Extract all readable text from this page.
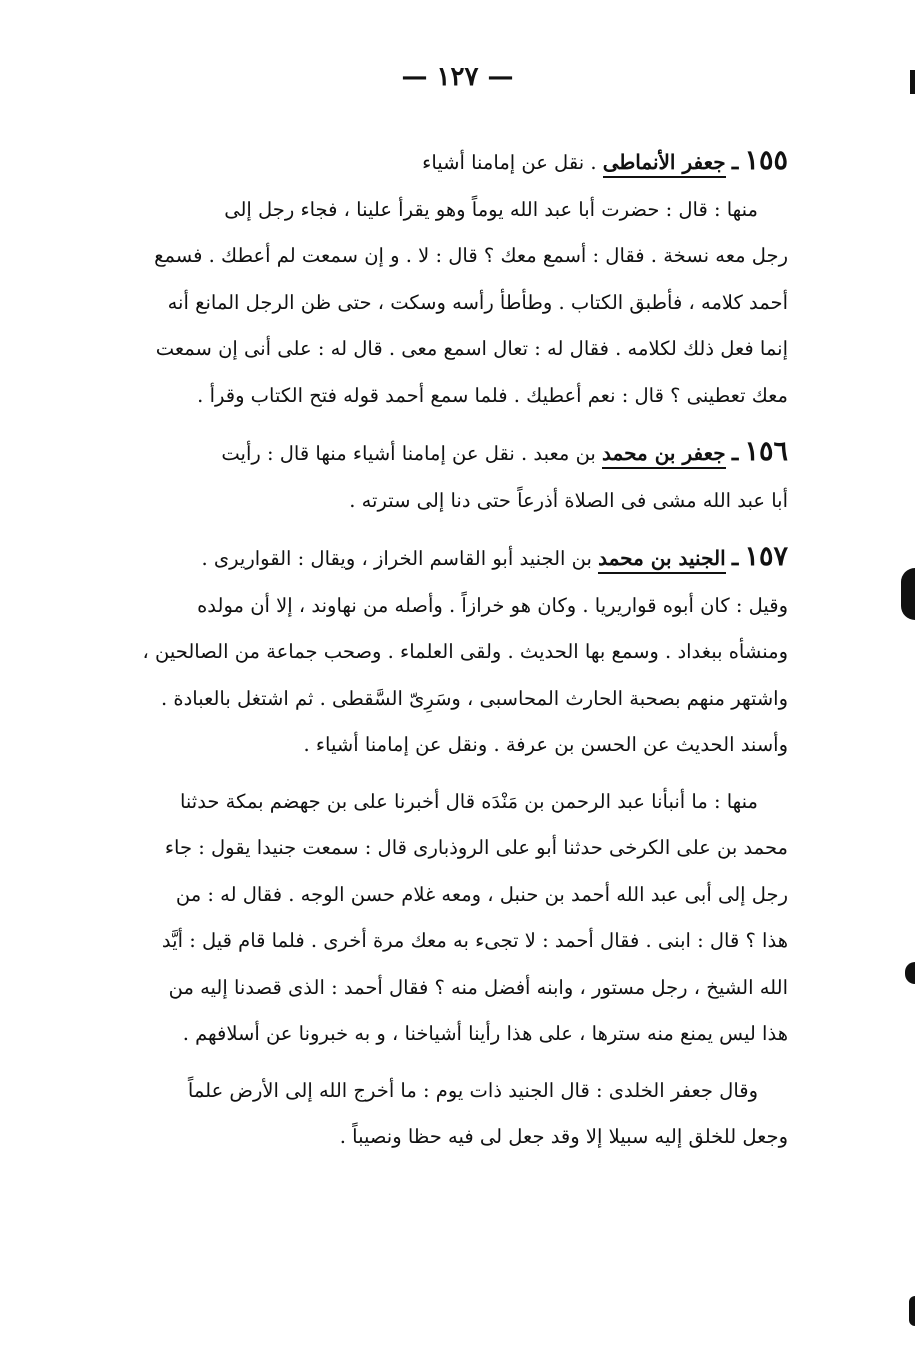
— ١٢٧ —

١٥٥ ـ جعفر الأنماطى . نقل عن إمامنا أشياء
منها : قال : حضرت أبا عبد الله يوماً وهو يقرأ علينا ، فجاء رجل إلى
رجل معه نسخة . فقال : أسمع معك ؟ قال : لا . و إن سمعت لم أعطك . فسمع
أحمد كلامه ، فأطبق الكتاب . وطأطأ رأسه وسكت ، حتى ظن الرجل المانع أنه
إنما فعل ذلك لكلامه . فقال له : تعال اسمع معى . قال له : على أنى إن سمعت
معك تعطينى ؟ قال : نعم أعطيك . فلما سمع أحمد قوله فتح الكتاب وقرأ .

١٥٦ ـ جعفر بن محمد بن معبد . نقل عن إمامنا أشياء منها قال : رأيت
أبا عبد الله مشى فى الصلاة أذرعاً حتى دنا إلى سترته .

١٥٧ ـ الجنيد بن محمد بن الجنيد أبو القاسم الخراز ، ويقال : القواريرى .
وقيل : كان أبوه قواريريا . وكان هو خرازاً . وأصله من نهاوند ، إلا أن مولده
ومنشأه ببغداد . وسمع بها الحديث . ولقى العلماء . وصحب جماعة من الصالحين ،
واشتهر منهم بصحبة الحارث المحاسبى ، وسَرِىّ السَّقطى . ثم اشتغل بالعبادة .
وأسند الحديث عن الحسن بن عرفة . ونقل عن إمامنا أشياء .

منها : ما أنبأنا عبد الرحمن بن مَنْدَه قال أخبرنا على بن جهضم بمكة حدثنا
محمد بن على الكرخى حدثنا أبو على الروذبارى قال : سمعت جنيدا يقول : جاء
رجل إلى أبى عبد الله أحمد بن حنبل ، ومعه غلام حسن الوجه . فقال له : من
هذا ؟ قال : ابنى . فقال أحمد : لا تجىء به معك مرة أخرى . فلما قام قيل : أيَّد
الله الشيخ ، رجل مستور ، وابنه أفضل منه ؟ فقال أحمد : الذى قصدنا إليه من
هذا ليس يمنع منه سترها ، على هذا رأينا أشياخنا ، و به خبرونا عن أسلافهم .

وقال جعفر الخلدى : قال الجنيد ذات يوم : ما أخرج الله إلى الأرض علماً
وجعل للخلق إليه سبيلا إلا وقد جعل لى فيه حظا ونصيباً .
